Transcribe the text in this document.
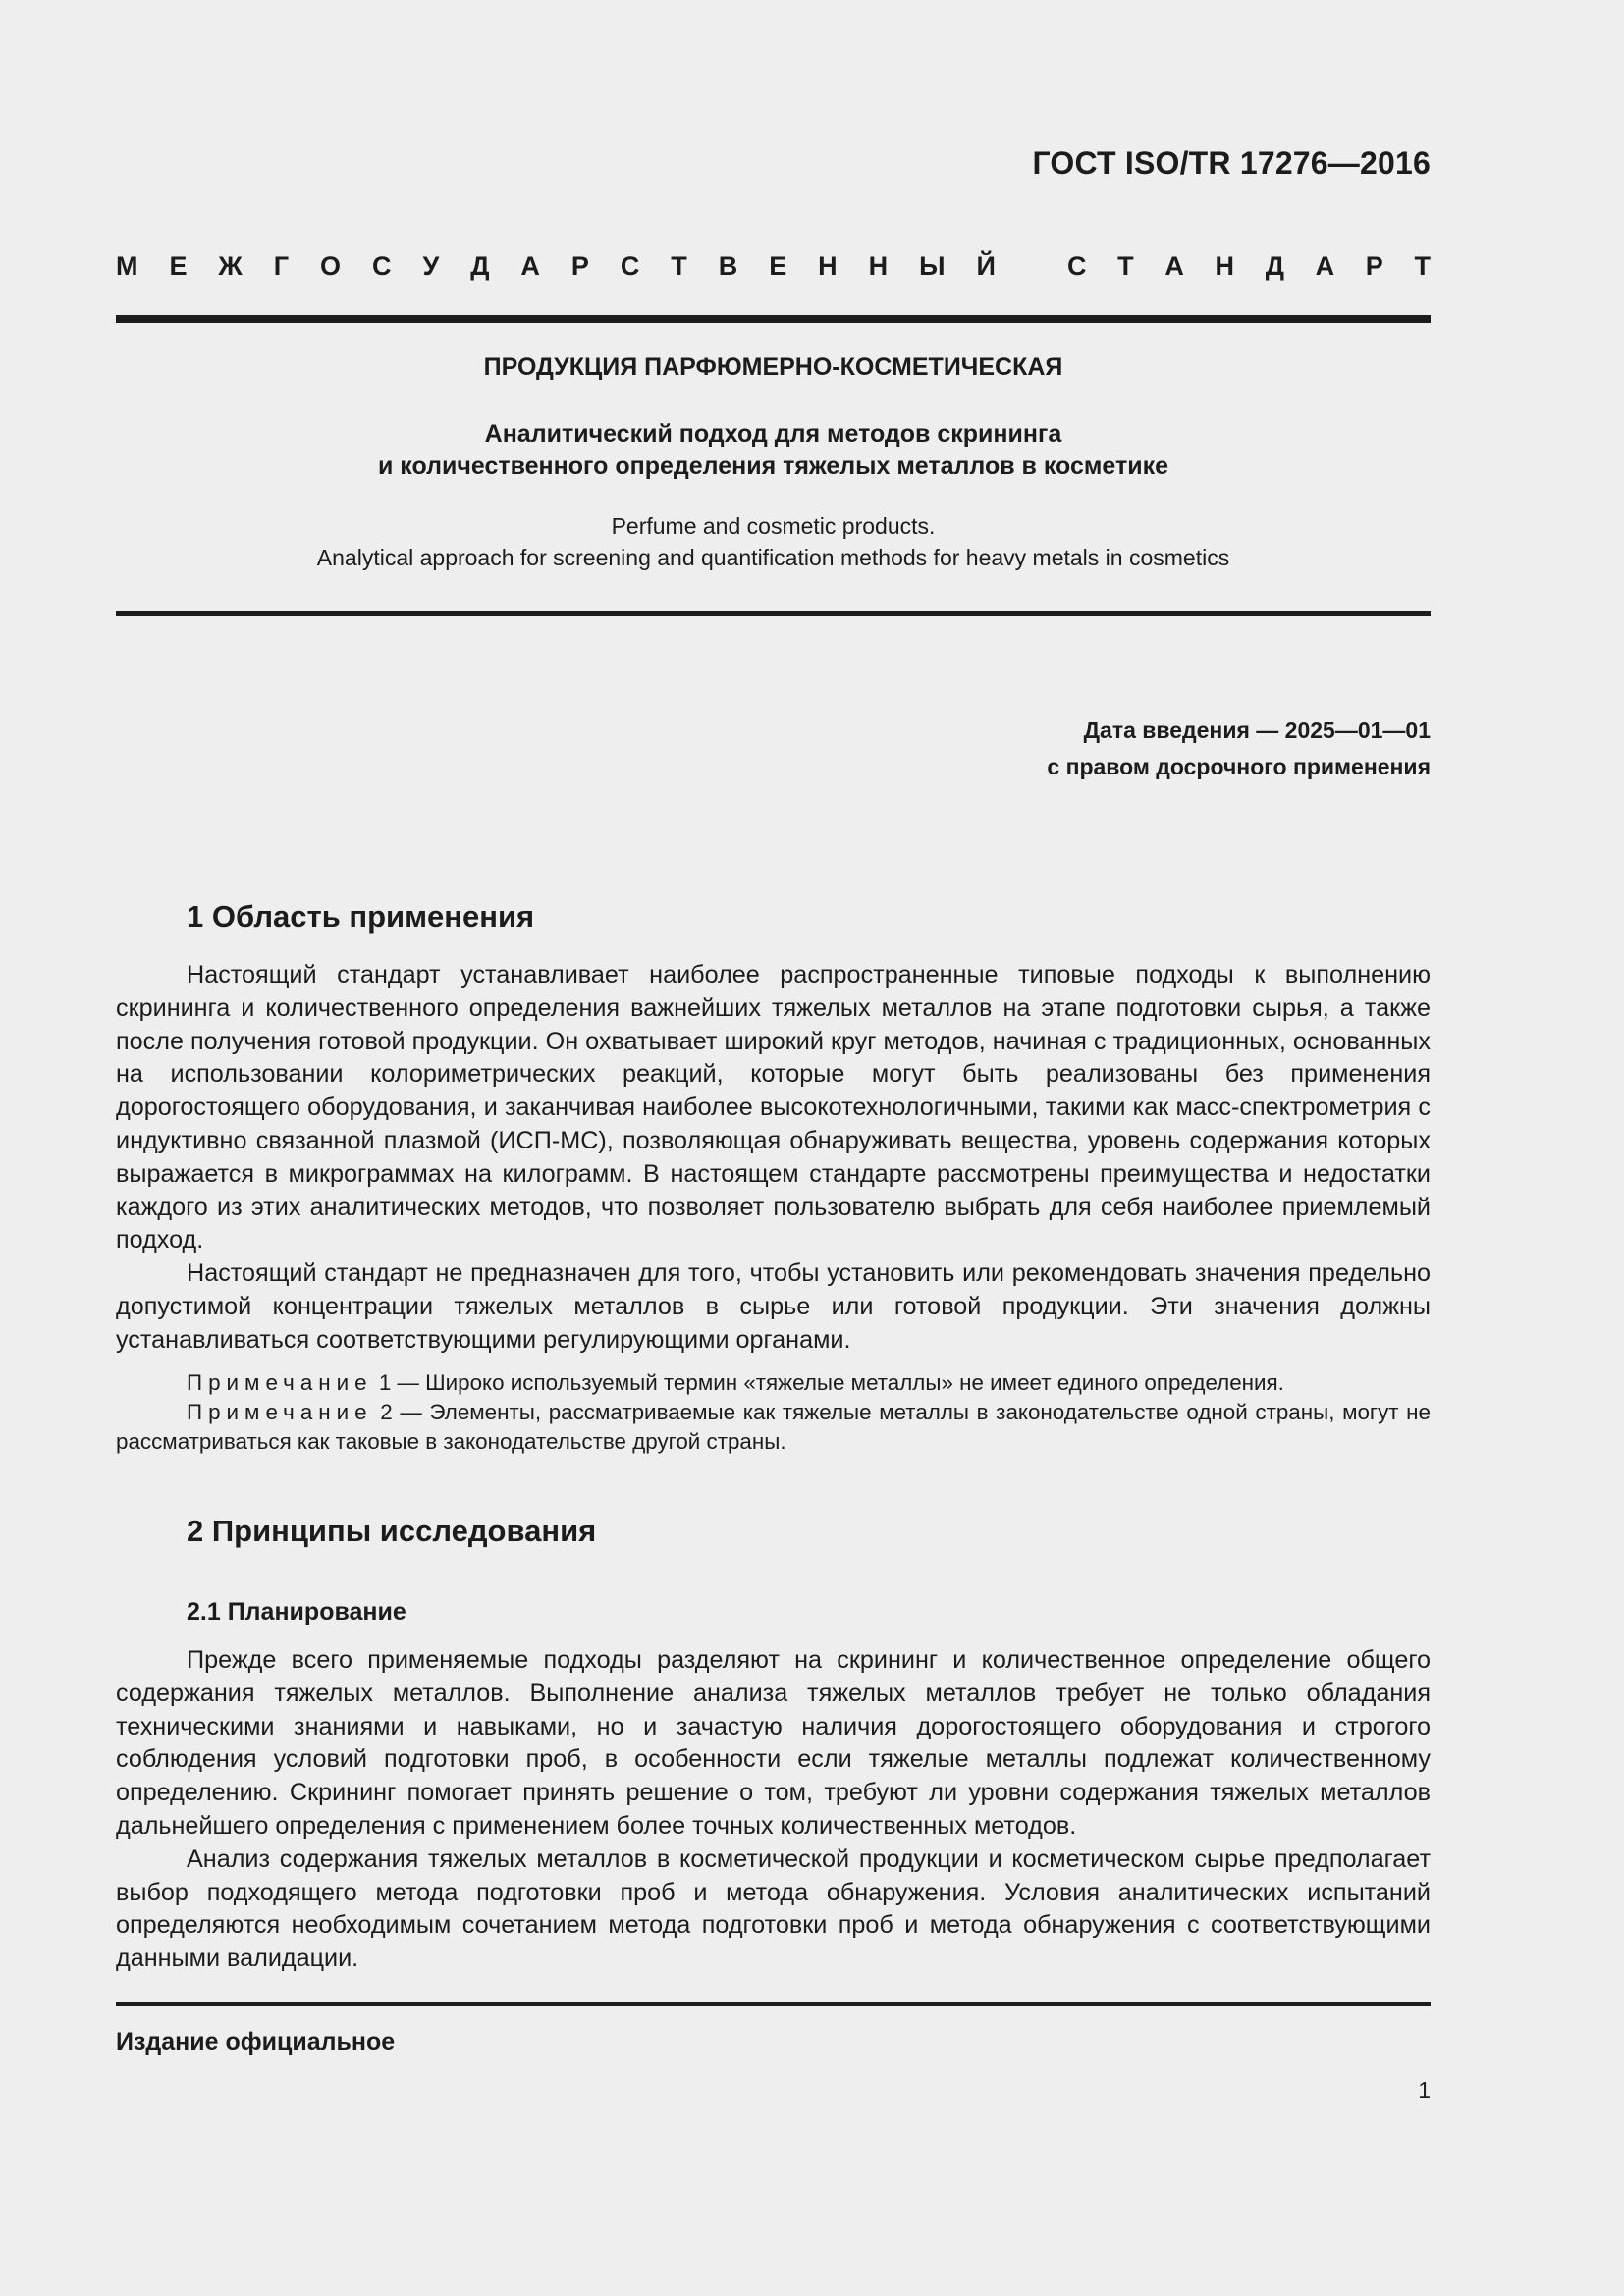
ГОСТ ISO/TR 17276—2016
М Е Ж Г О С У Д А Р С Т В Е Н Н Ы Й	С Т А Н Д А Р Т
ПРОДУКЦИЯ ПАРФЮМЕРНО-КОСМЕТИЧЕСКАЯ
Аналитический подход для методов скрининга
и количественного определения тяжелых металлов в косметике
Perfume and cosmetic products.
Analytical approach for screening and quantification methods for heavy metals in cosmetics
Дата введения — 2025—01—01
с правом досрочного применения
1 Область применения

Настоящий стандарт устанавливает наиболее распространенные типовые подходы к выполнению скрининга и количественного определения важнейших тяжелых металлов на этапе подготовки сырья, а также после получения готовой продукции. Он охватывает широкий круг методов, начиная с традиционных, основанных на использовании колориметрических реакций, которые могут быть реализованы без применения дорогостоящего оборудования, и заканчивая наиболее высокотехнологичными, такими как масс-спектрометрия с индуктивно связанной плазмой (ИСП-МС), позволяющая обнаруживать вещества, уровень содержания которых выражается в микрограммах на килограмм. В настоящем стандарте рассмотрены преимущества и недостатки каждого из этих аналитических методов, что позволяет пользователю выбрать для себя наиболее приемлемый подход.

Настоящий стандарт не предназначен для того, чтобы установить или рекомендовать значения предельно допустимой концентрации тяжелых металлов в сырье или готовой продукции. Эти значения должны устанавливаться соответствующими регулирующими органами.

Примечание 1 — Широко используемый термин «тяжелые металлы» не имеет единого определения.

Примечание 2 — Элементы, рассматриваемые как тяжелые металлы в законодательстве одной страны, могут не рассматриваться как таковые в законодательстве другой страны.

2 Принципы исследования
2.1 Планирование

Прежде всего применяемые подходы разделяют на скрининг и количественное определение общего содержания тяжелых металлов. Выполнение анализа тяжелых металлов требует не только обладания техническими знаниями и навыками, но и зачастую наличия дорогостоящего оборудования и строгого соблюдения условий подготовки проб, в особенности если тяжелые металлы подлежат количественному определению. Скрининг помогает принять решение о том, требуют ли уровни содержания тяжелых металлов дальнейшего определения с применением более точных количественных методов.

Анализ содержания тяжелых металлов в косметической продукции и косметическом сырье предполагает выбор подходящего метода подготовки проб и метода обнаружения. Условия аналитических испытаний определяются необходимым сочетанием метода подготовки проб и метода обнаружения с соответствующими данными валидации.

Издание официальное
1
